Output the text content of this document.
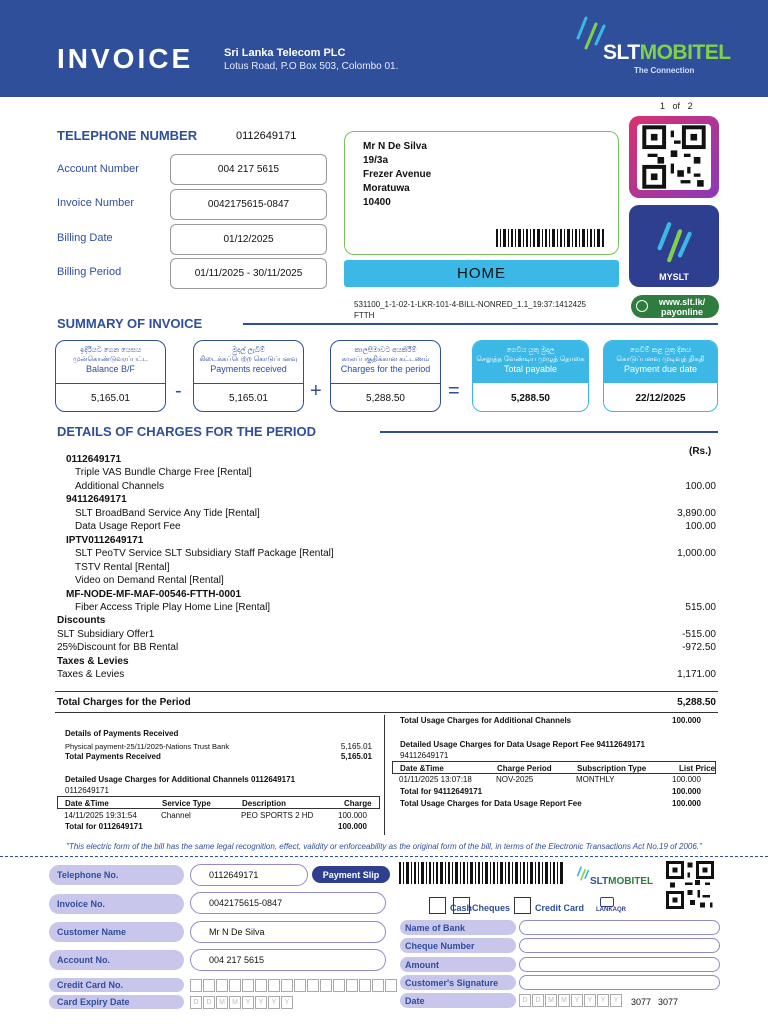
INVOICE	Sri Lanka Telecom PLC
Lotus Road, P.O Box 503, Colombo 01.
SLTMOBITEL
The Connection
1 of 2
TELEPHONE NUMBER	0112649171
Account Number	004 217 5615
Invoice Number	0042175615-0847
Billing Date	01/12/2025
Billing Period	01/11/2025 - 30/11/2025
Mr N De Silva
19/3a
Frezer Avenue
Moratuwa
10400
HOME
531100_1-1-02-1-LKR-101-4-BILL-NONRED_1.1_19:37:1412425
FTTH
MYSLT
www.slt.lk/
payonline
SUMMARY OF INVOICE
ඉදිරියට ගෙන යෙසය
முன்கொண்டுவரப்பட்ட
Balance B/F
5,165.01	-
මුදල් ලැබීම්
கிடைக்கப்பெற்ற கொடுப்பனவு
Payments received
5,165.01	+
කාලසීමාවට අයකිරීම්
காலப்பகுதிக்கான கட்டணம்
Charges for the period
5,288.50	=
ගෙවිය යුතු මුදල
செலுத்த வேண்டிய முழுத் தொகை
Total payable
5,288.50
ගෙවීම් කළ යුතු දිනය
கொடுப்பனவு முடிவுத் திகதி
Payment due date
22/12/2025
DETAILS OF CHARGES FOR THE PERIOD
(Rs.)
0112649171
Triple VAS Bundle Charge Free [Rental]
Additional Channels	100.00
94112649171
SLT BroadBand Service Any Tide [Rental]	3,890.00
Data Usage Report Fee	100.00
IPTV0112649171
SLT PeoTV Service SLT Subsidiary Staff Package [Rental]	1,000.00
TSTV Rental [Rental]
Video on Demand Rental [Rental]
MF-NODE-MF-MAF-00546-FTTH-0001
Fiber Access Triple Play Home Line [Rental]	515.00
Discounts
SLT Subsidiary Offer1	-515.00
25%Discount for BB Rental	-972.50
Taxes & Levies
Taxes & Levies	1,171.00
Total Charges for the Period	5,288.50
Details of Payments Received
Physical payment-25/11/2025-Nations Trust Bank	5,165.01
Total Payments Received	5,165.01
Detailed Usage Charges for Additional Channels 0112649171
0112649171
Date &Time	Service Type	Description	Charge
14/11/2025 19:31:54	Channel	PEO SPORTS 2 HD	100.000
Total for 0112649171	100.000
Total Usage Charges for Additional Channels	100.000
Detailed Usage Charges for Data Usage Report Fee 94112649171
94112649171
Date &Time	Charge Period	Subscription Type	List Price
01/11/2025 13:07:18	NOV-2025	MONTHLY	100.000
Total for 94112649171	100.000
Total Usage Charges for Data Usage Report Fee	100.000
"This electric form of the bill has the same legal recognition, effect, validity or enforceability as the original form of the bill, in terms of the Electronic Transactions Act No.19 of 2006."
Telephone No.	0112649171	Payment Slip
Invoice No.	0042175615-0847
Customer Name	Mr N De Silva
Account No.	004 217 5615
Credit Card No.
Card Expiry Date	D	D	M	M	Y	Y	Y	Y
SLTMOBITEL
Cash Cheques	Credit Card LANKAQR
Name of Bank
Cheque Number
Amount
Customer's Signature
Date	D	D	M	M	Y	Y	Y	Y	3077 3077
